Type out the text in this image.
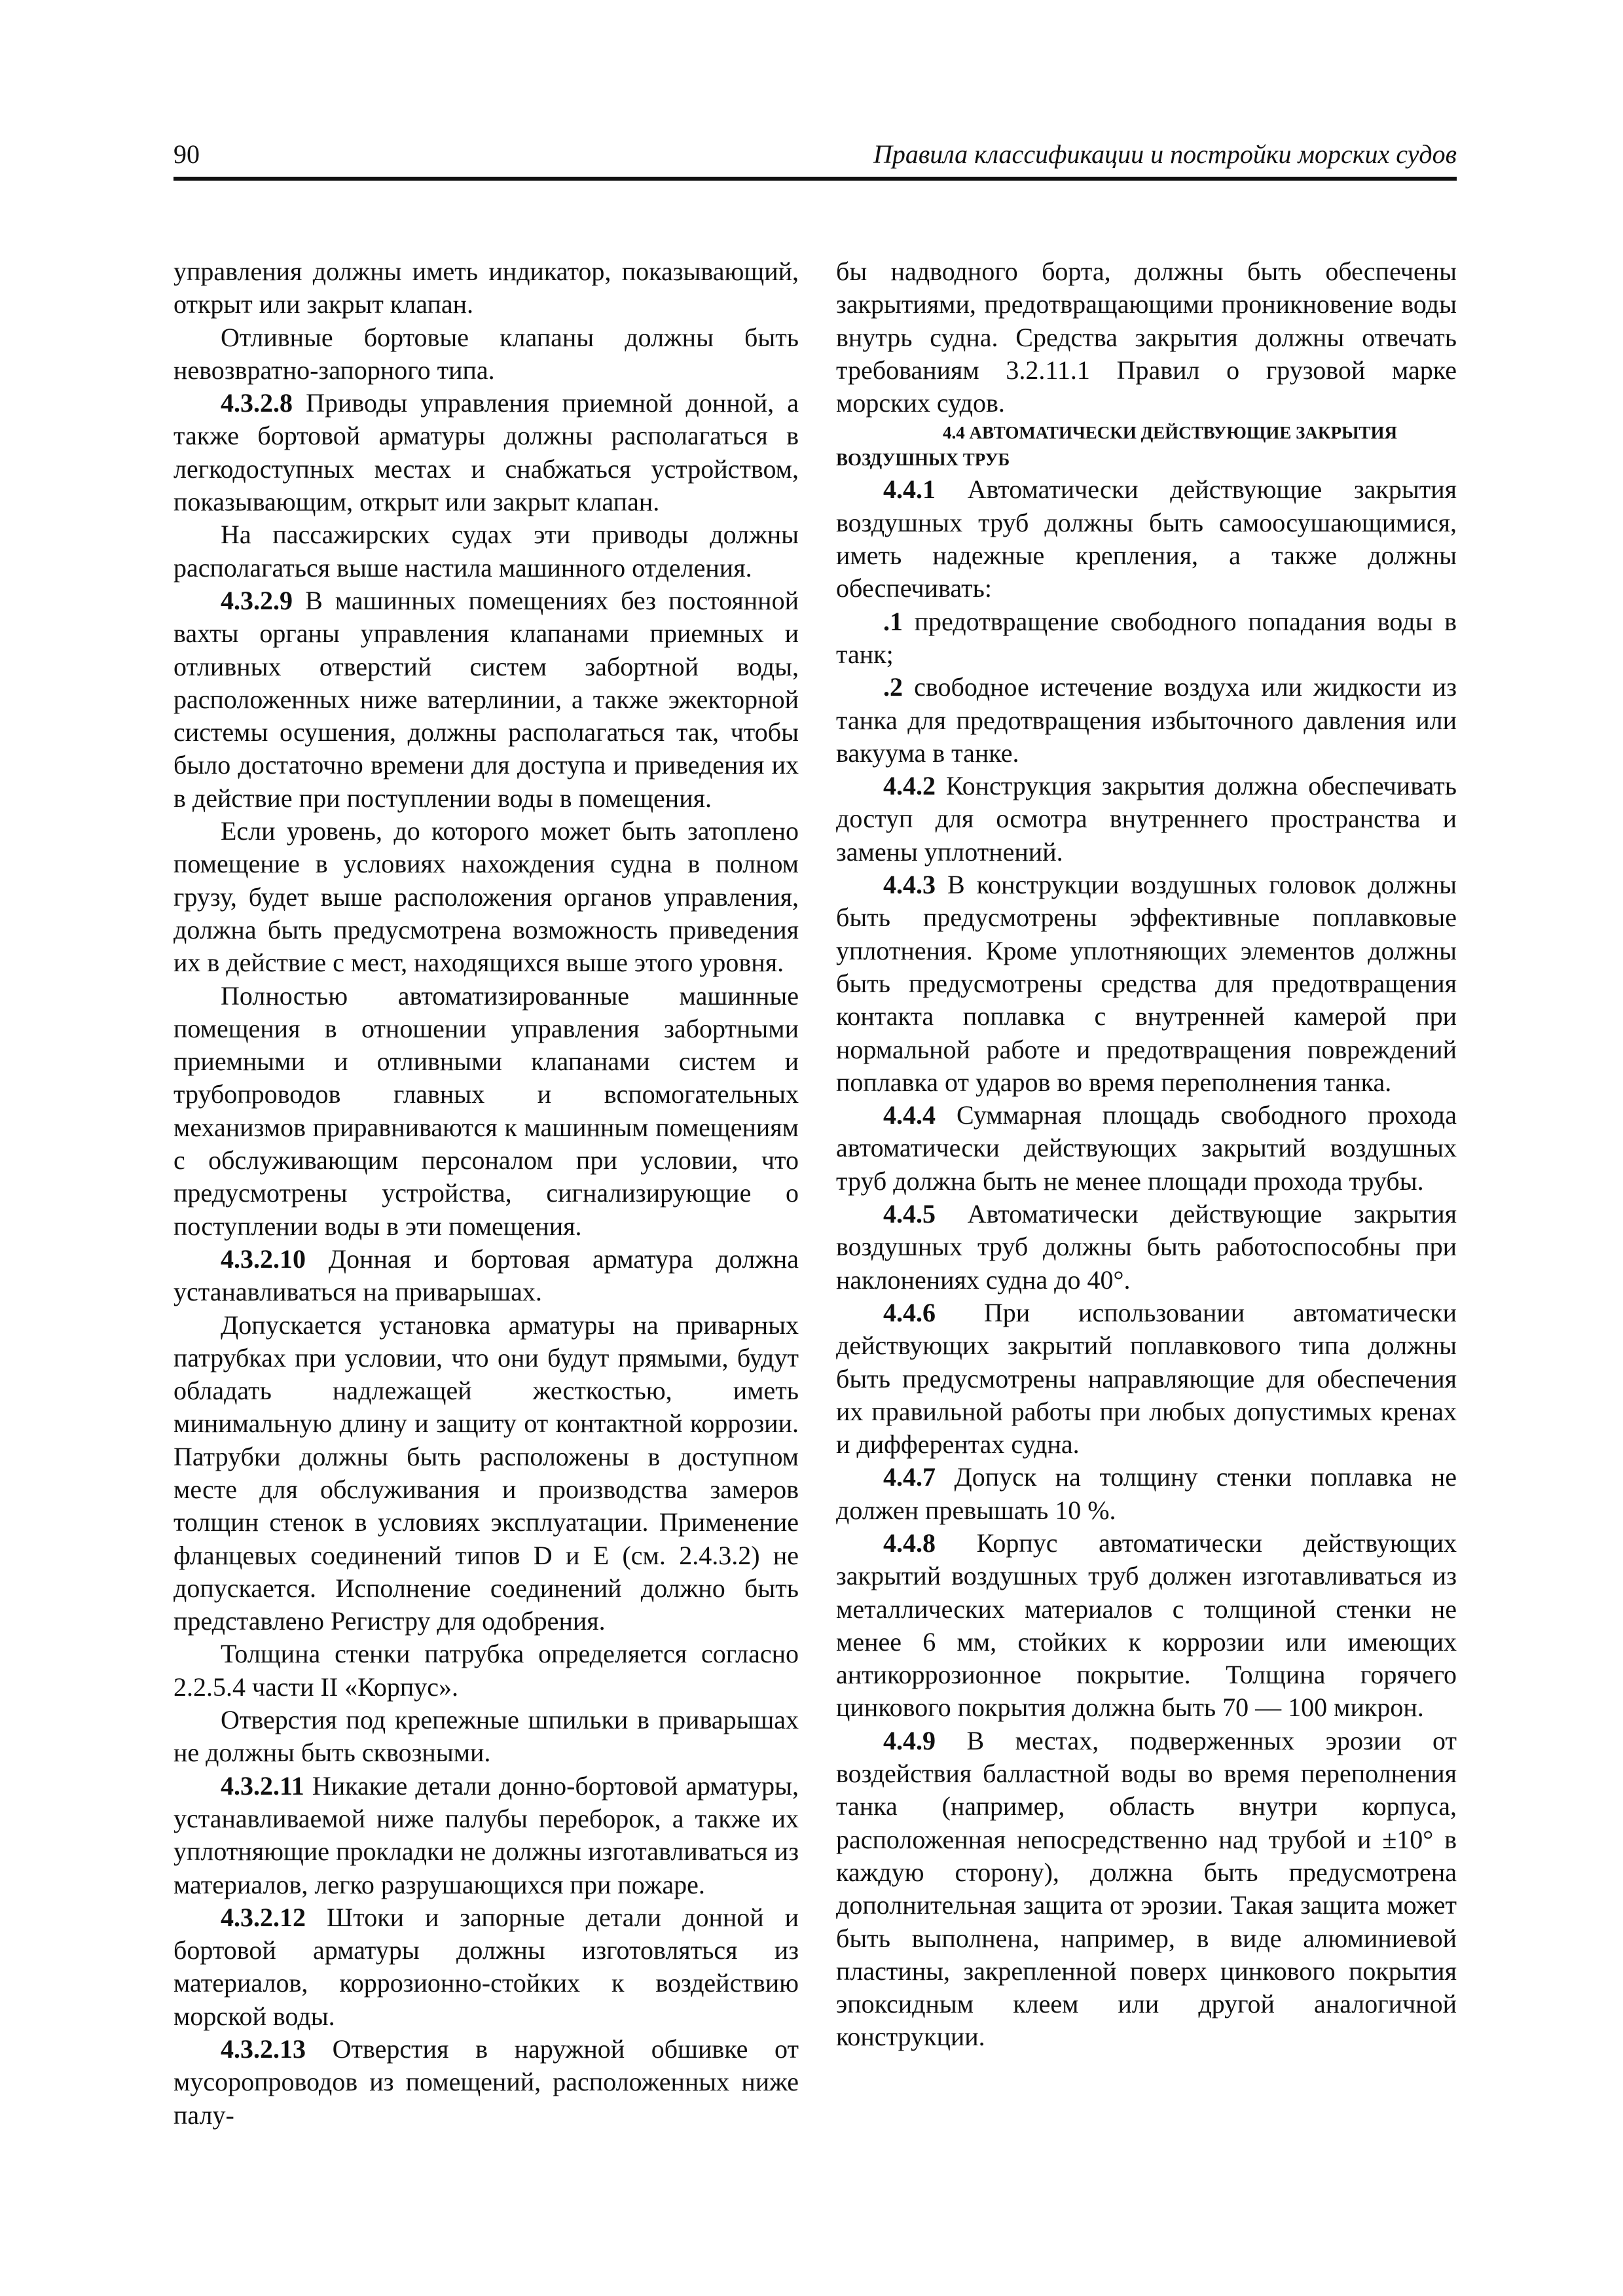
90	Правила классификации и постройки морских судов

управления должны иметь индикатор, показывающий, открыт или закрыт клапан.

Отливные бортовые клапаны должны быть невозвратно-запорного типа.

4.3.2.8 Приводы управления приемной донной, а также бортовой арматуры должны располагаться в легкодоступных местах и снабжаться устройством, показывающим, открыт или закрыт клапан.

На пассажирских судах эти приводы должны располагаться выше настила машинного отделения.

4.3.2.9 В машинных помещениях без постоянной вахты органы управления клапанами приемных и отливных отверстий систем забортной воды, расположенных ниже ватерлинии, а также эжекторной системы осушения, должны располагаться так, чтобы было достаточно времени для доступа и приведения их в действие при поступлении воды в помещения.

Если уровень, до которого может быть затоплено помещение в условиях нахождения судна в полном грузу, будет выше расположения органов управления, должна быть предусмотрена возможность приведения их в действие с мест, находящихся выше этого уровня.

Полностью автоматизированные машинные помещения в отношении управления забортными приемными и отливными клапанами систем и трубопроводов главных и вспомогательных механизмов приравниваются к машинным помещениям с обслуживающим персоналом при условии, что предусмотрены устройства, сигнализирующие о поступлении воды в эти помещения.

4.3.2.10 Донная и бортовая арматура должна устанавливаться на приварышах.

Допускается установка арматуры на приварных патрубках при условии, что они будут прямыми, будут обладать надлежащей жесткостью, иметь минимальную длину и защиту от контактной коррозии. Патрубки должны быть расположены в доступном месте для обслуживания и производства замеров толщин стенок в условиях эксплуатации. Применение фланцевых соединений типов D и E (см. 2.4.3.2) не допускается. Исполнение соединений должно быть представлено Регистру для одобрения.

Толщина стенки патрубка определяется согласно 2.2.5.4 части II «Корпус».

Отверстия под крепежные шпильки в приварышах не должны быть сквозными.

4.3.2.11 Никакие детали донно-бортовой арматуры, устанавливаемой ниже палубы переборок, а также их уплотняющие прокладки не должны изготавливаться из материалов, легко разрушающихся при пожаре.

4.3.2.12 Штоки и запорные детали донной и бортовой арматуры должны изготовляться из материалов, коррозионно-стойких к воздействию морской воды.

4.3.2.13 Отверстия в наружной обшивке от мусоропроводов из помещений, расположенных ниже палу-

бы надводного борта, должны быть обеспечены закрытиями, предотвращающими проникновение воды внутрь судна. Средства закрытия должны отвечать требованиям 3.2.11.1 Правил о грузовой марке морских судов.

4.4 АВТОМАТИЧЕСКИ ДЕЙСТВУЮЩИЕ ЗАКРЫТИЯ ВОЗДУШНЫХ ТРУБ

4.4.1 Автоматически действующие закрытия воздушных труб должны быть самоосушающимися, иметь надежные крепления, а также должны обеспечивать:

.1 предотвращение свободного попадания воды в танк;

.2 свободное истечение воздуха или жидкости из танка для предотвращения избыточного давления или вакуума в танке.

4.4.2 Конструкция закрытия должна обеспечивать доступ для осмотра внутреннего пространства и замены уплотнений.

4.4.3 В конструкции воздушных головок должны быть предусмотрены эффективные поплавковые уплотнения. Кроме уплотняющих элементов должны быть предусмотрены средства для предотвращения контакта поплавка с внутренней камерой при нормальной работе и предотвращения повреждений поплавка от ударов во время переполнения танка.

4.4.4 Суммарная площадь свободного прохода автоматически действующих закрытий воздушных труб должна быть не менее площади прохода трубы.

4.4.5 Автоматически действующие закрытия воздушных труб должны быть работоспособны при наклонениях судна до 40°.

4.4.6 При использовании автоматически действующих закрытий поплавкового типа должны быть предусмотрены направляющие для обеспечения их правильной работы при любых допустимых кренах и дифферентах судна.

4.4.7 Допуск на толщину стенки поплавка не должен превышать 10 %.

4.4.8 Корпус автоматически действующих закрытий воздушных труб должен изготавливаться из металлических материалов с толщиной стенки не менее 6 мм, стойких к коррозии или имеющих антикоррозионное покрытие. Толщина горячего цинкового покрытия должна быть 70 — 100 микрон.

4.4.9 В местах, подверженных эрозии от воздействия балластной воды во время переполнения танка (например, область внутри корпуса, расположенная непосредственно над трубой и ±10° в каждую сторону), должна быть предусмотрена дополнительная защита от эрозии. Такая защита может быть выполнена, например, в виде алюминиевой пластины, закрепленной поверх цинкового покрытия эпоксидным клеем или другой аналогичной конструкции.
